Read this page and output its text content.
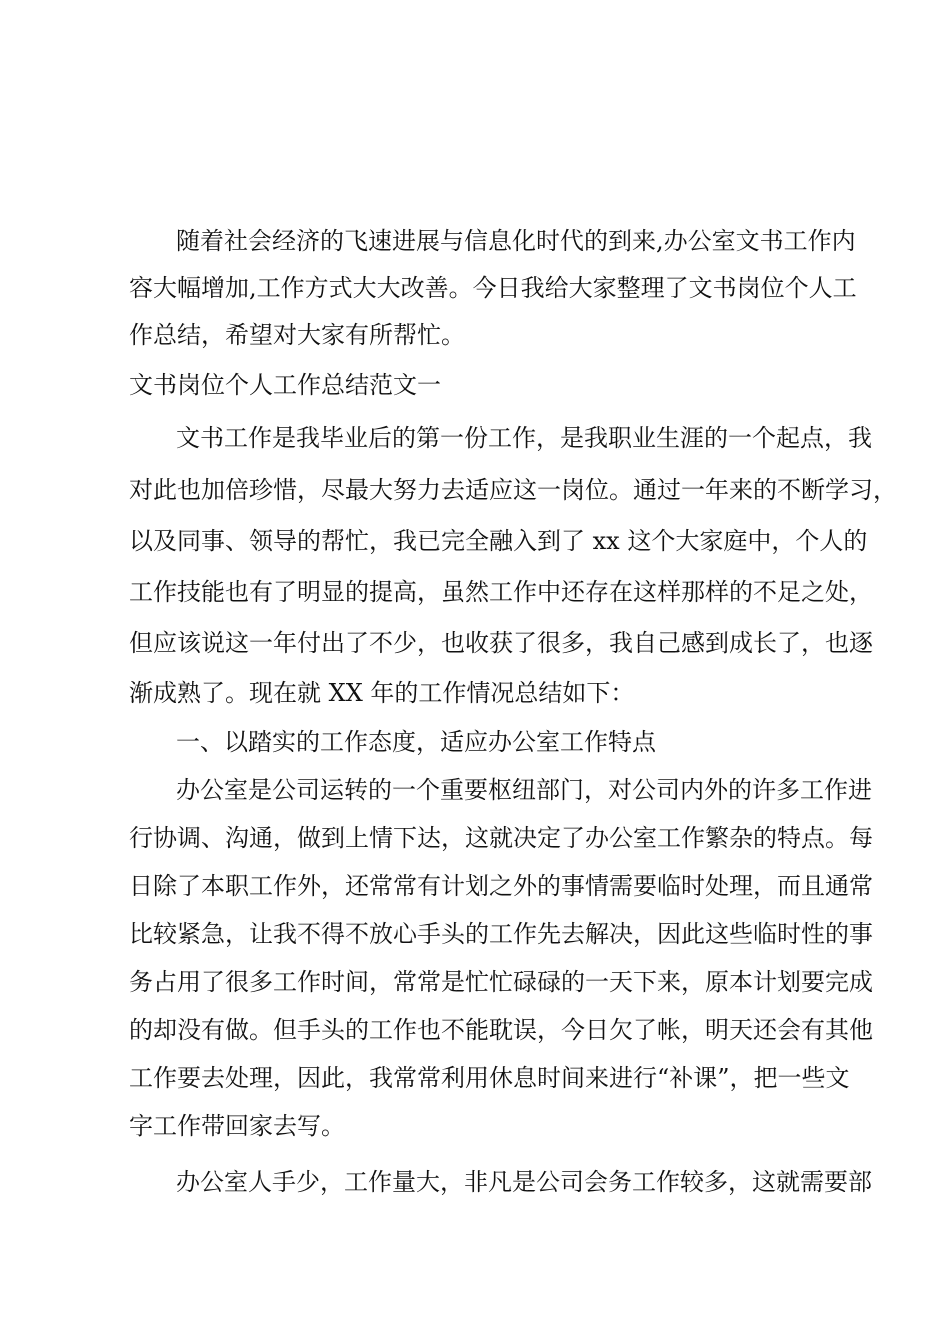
随着社会经济的飞速进展与信息化时代的到来,办公室文书工作内
容大幅增加,工作方式大大改善。今日我给大家整理了文书岗位个人工
作总结，希望对大家有所帮忙。
文书岗位个人工作总结范文一
文书工作是我毕业后的第一份工作，是我职业生涯的一个起点，我
对此也加倍珍惜，尽最大努力去适应这一岗位。通过一年来的不断学习，
以及同事、领导的帮忙，我已完全融入到了 xx 这个大家庭中，个人的
工作技能也有了明显的提高，虽然工作中还存在这样那样的不足之处，
但应该说这一年付出了不少，也收获了很多，我自己感到成长了，也逐
渐成熟了。现在就 XX 年的工作情况总结如下：
一、以踏实的工作态度，适应办公室工作特点
办公室是公司运转的一个重要枢纽部门，对公司内外的许多工作进
行协调、沟通，做到上情下达，这就决定了办公室工作繁杂的特点。每
日除了本职工作外，还常常有计划之外的事情需要临时处理，而且通常
比较紧急，让我不得不放心手头的工作先去解决，因此这些临时性的事
务占用了很多工作时间，常常是忙忙碌碌的一天下来，原本计划要完成
的却没有做。但手头的工作也不能耽误，今日欠了帐，明天还会有其他
工作要去处理，因此，我常常利用休息时间来进行“补课”，把一些文
字工作带回家去写。
办公室人手少，工作量大，非凡是公司会务工作较多，这就需要部
